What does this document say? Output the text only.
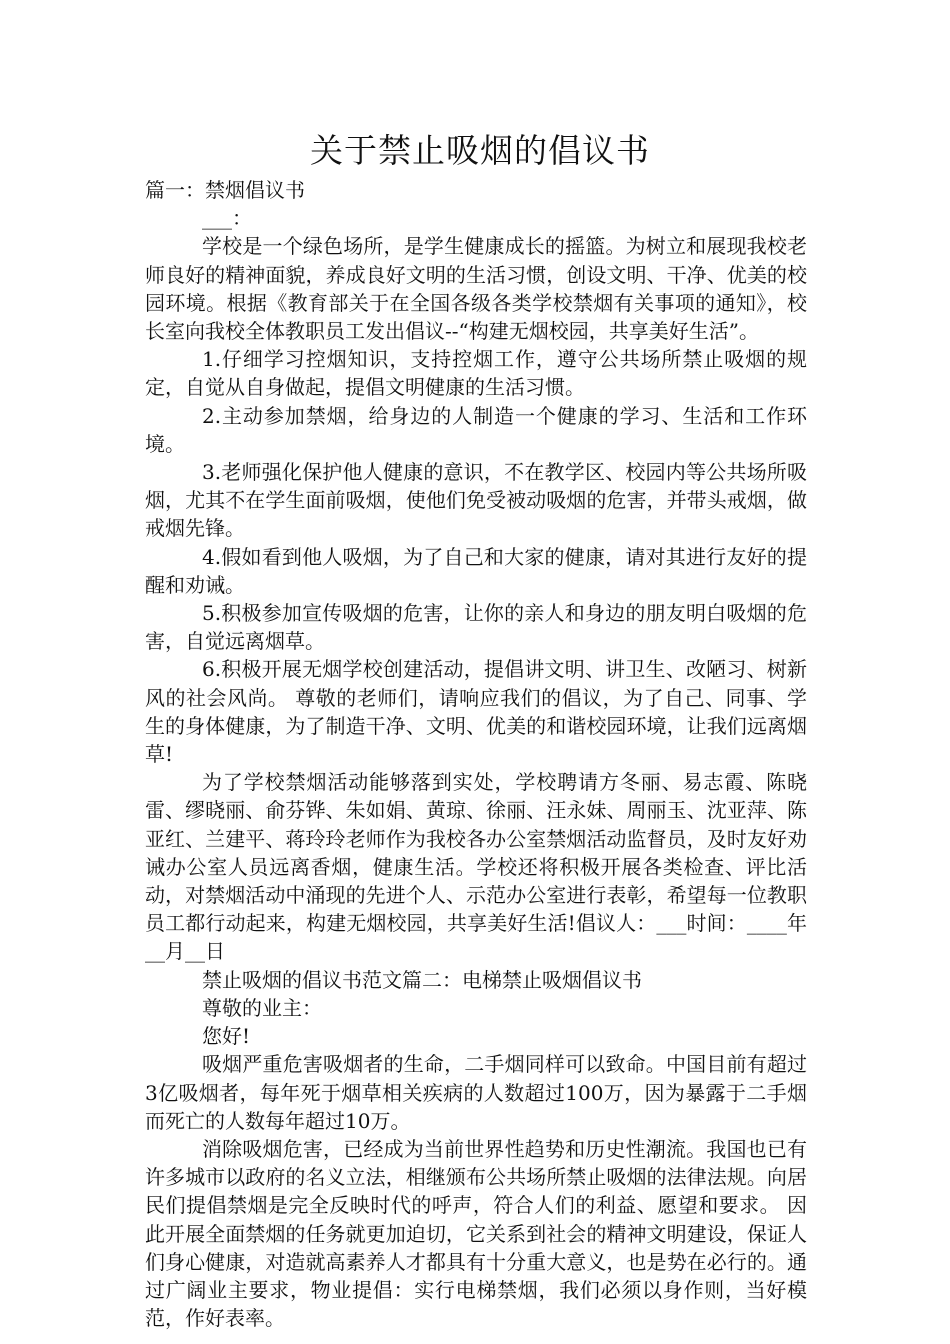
关于禁止吸烟的倡议书
篇一：禁烟倡议书
___：

学校是一个绿色场所，是学生健康成长的摇篮。为树立和展现我校老师良好的精神面貌，养成良好文明的生活习惯，创设文明、干净、优美的校园环境。根据《教育部关于在全国各级各类学校禁烟有关事项的通知》，校长室向我校全体教职员工发出倡议--“构建无烟校园，共享美好生活”。

1.仔细学习控烟知识，支持控烟工作，遵守公共场所禁止吸烟的规定，自觉从自身做起，提倡文明健康的生活习惯。

2.主动参加禁烟，给身边的人制造一个健康的学习、生活和工作环境。

3.老师强化保护他人健康的意识，不在教学区、校园内等公共场所吸烟，尤其不在学生面前吸烟，使他们免受被动吸烟的危害，并带头戒烟，做戒烟先锋。

4.假如看到他人吸烟，为了自己和大家的健康，请对其进行友好的提醒和劝诫。

5.积极参加宣传吸烟的危害，让你的亲人和身边的朋友明白吸烟的危害，自觉远离烟草。

6.积极开展无烟学校创建活动，提倡讲文明、讲卫生、改陋习、树新风的社会风尚。 尊敬的老师们，请响应我们的倡议，为了自己、同事、学生的身体健康，为了制造干净、文明、优美的和谐校园环境，让我们远离烟草!

为了学校禁烟活动能够落到实处，学校聘请方冬丽、易志霞、陈晓雷、缪晓丽、俞芬铧、朱如娟、黄琼、徐丽、汪永妹、周丽玉、沈亚萍、陈亚红、兰建平、蒋玲玲老师作为我校各办公室禁烟活动监督员，及时友好劝诫办公室人员远离香烟，健康生活。学校还将积极开展各类检查、评比活动，对禁烟活动中涌现的先进个人、示范办公室进行表彰，希望每一位教职员工都行动起来，构建无烟校园，共享美好生活!倡议人：___时间：____年__月__日

禁止吸烟的倡议书范文篇二：电梯禁止吸烟倡议书
尊敬的业主：
您好!

吸烟严重危害吸烟者的生命，二手烟同样可以致命。中国目前有超过3亿吸烟者，每年死于烟草相关疾病的人数超过100万，因为暴露于二手烟而死亡的人数每年超过10万。

消除吸烟危害，已经成为当前世界性趋势和历史性潮流。我国也已有许多城市以政府的名义立法，相继颁布公共场所禁止吸烟的法律法规。向居民们提倡禁烟是完全反映时代的呼声，符合人们的利益、愿望和要求。 因此开展全面禁烟的任务就更加迫切，它关系到社会的精神文明建设，保证人们身心健康，对造就高素养人才都具有十分重大意义，也是势在必行的。通过广阔业主要求，物业提倡：实行电梯禁烟，我们必须以身作则，当好模范，作好表率。
